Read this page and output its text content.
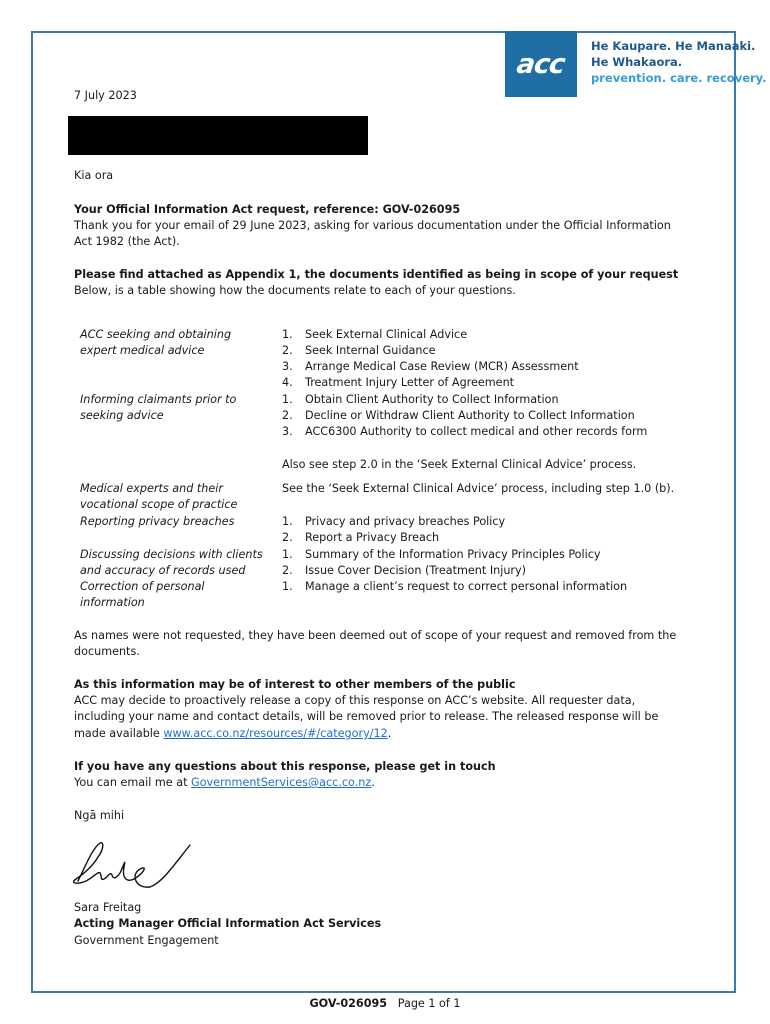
acc
He Kaupare. He Manaaki.
He Whakaora.
prevention. care. recovery.
7 July 2023
Kia ora
Your Official Information Act request, reference: GOV-026095
Thank you for your email of 29 June 2023, asking for various documentation under the Official Information
Act 1982 (the Act).
Please find attached as Appendix 1, the documents identified as being in scope of your request
Below, is a table showing how the documents relate to each of your questions.
ACC seeking and obtaining
expert medical advice
Informing claimants prior to
seeking advice
Medical experts and their
vocational scope of practice
Reporting privacy breaches
Discussing decisions with clients
and accuracy of records used
Correction of personal
information
1. Seek External Clinical Advice
2. Seek Internal Guidance
3. Arrange Medical Case Review (MCR) Assessment
4. Treatment Injury Letter of Agreement
1. Obtain Client Authority to Collect Information
2. Decline or Withdraw Client Authority to Collect Information
3. ACC6300 Authority to collect medical and other records form
Also see step 2.0 in the ‘Seek External Clinical Advice’ process.
See the ‘Seek External Clinical Advice’ process, including step 1.0 (b).
1. Privacy and privacy breaches Policy
2. Report a Privacy Breach
1. Summary of the Information Privacy Principles Policy
2. Issue Cover Decision (Treatment Injury)
1. Manage a client’s request to correct personal information
As names were not requested, they have been deemed out of scope of your request and removed from the
documents.
As this information may be of interest to other members of the public
ACC may decide to proactively release a copy of this response on ACC’s website. All requester data,
including your name and contact details, will be removed prior to release. The released response will be
made available www.acc.co.nz/resources/#/category/12.
If you have any questions about this response, please get in touch
You can email me at GovernmentServices@acc.co.nz.
Ngā mihi
Sara Freitag
Acting Manager Official Information Act Services
Government Engagement
GOV-026095 Page 1 of 1
